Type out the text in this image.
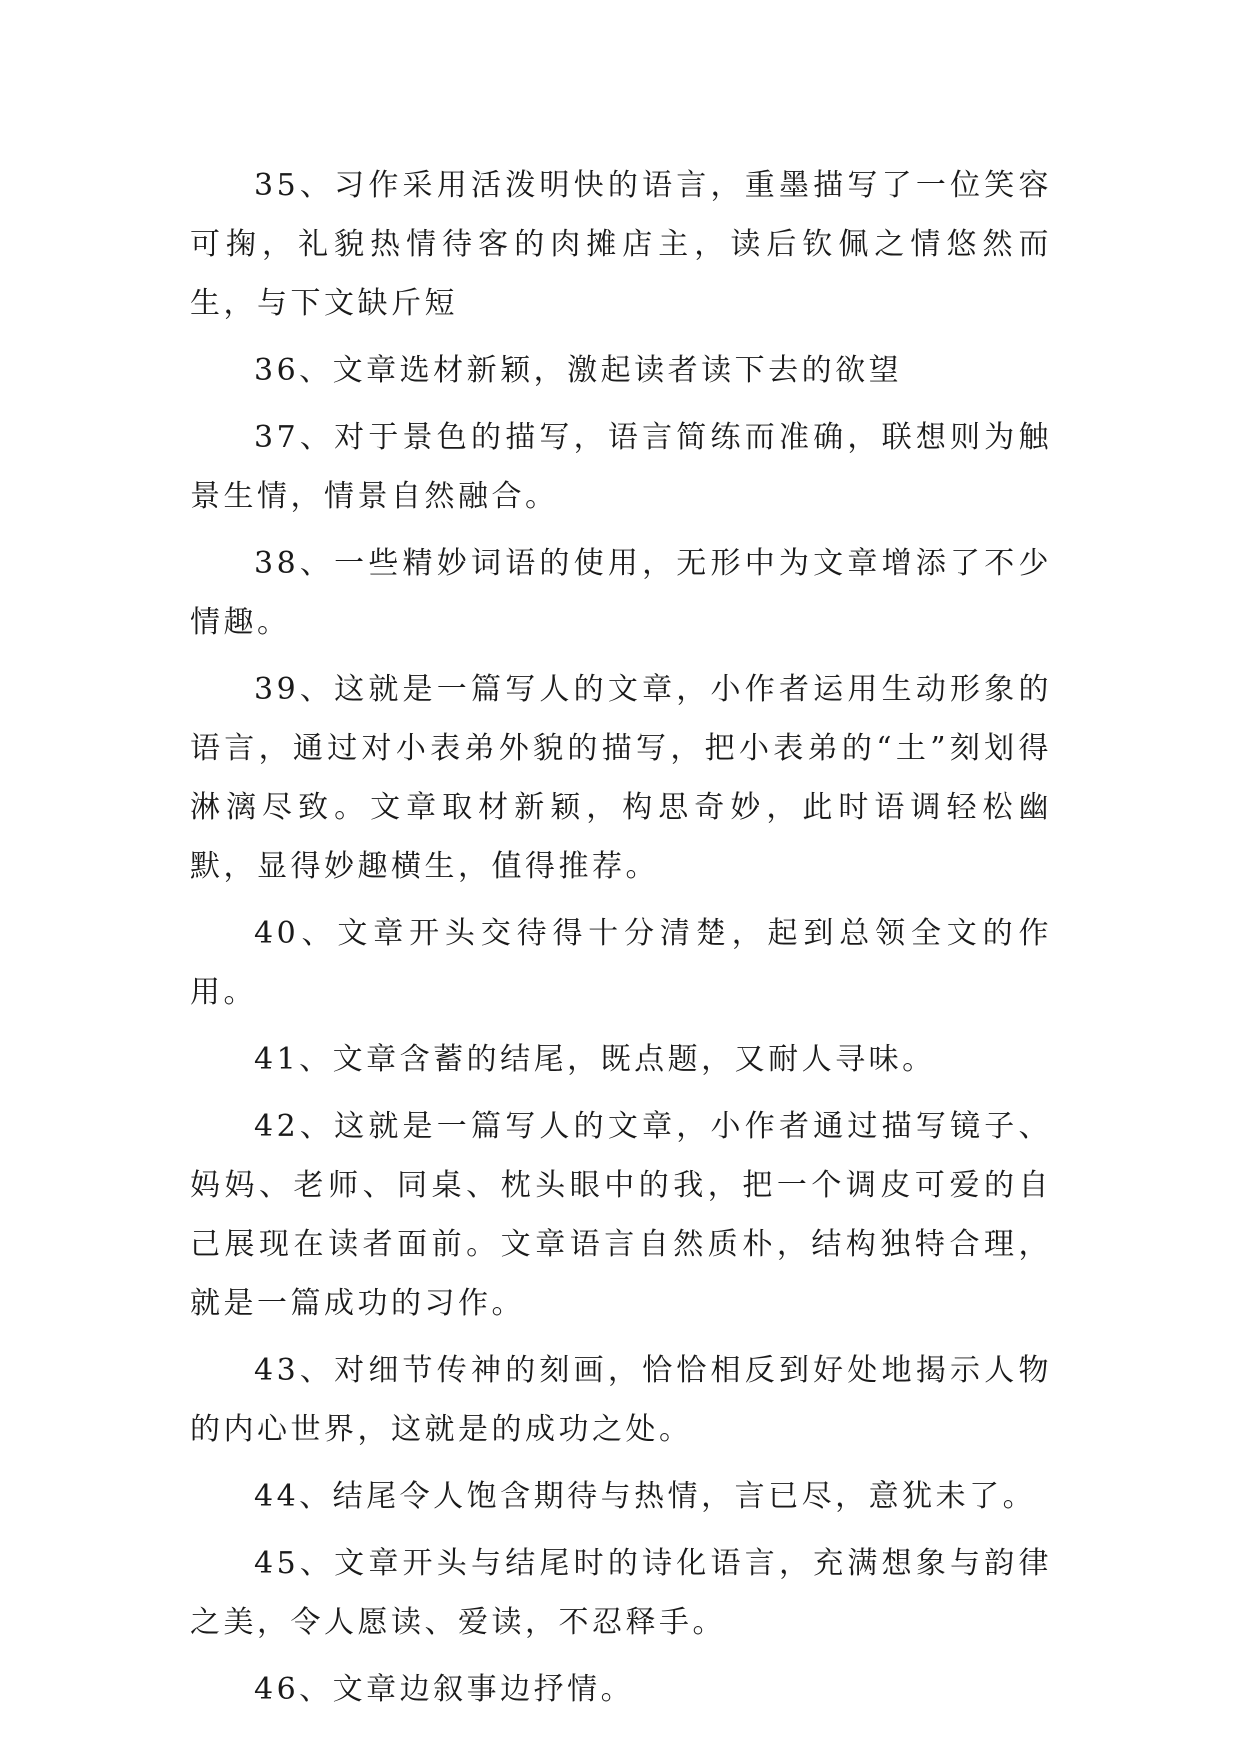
35、习作采用活泼明快的语言，重墨描写了一位笑容可掬，礼貌热情待客的肉摊店主，读后钦佩之情悠然而生，与下文缺斤短

36、文章选材新颖，激起读者读下去的欲望

37、对于景色的描写，语言简练而准确，联想则为触景生情，情景自然融合。

38、一些精妙词语的使用，无形中为文章增添了不少情趣。

39、这就是一篇写人的文章，小作者运用生动形象的语言，通过对小表弟外貌的描写，把小表弟的“土”刻划得淋漓尽致。文章取材新颖，构思奇妙，此时语调轻松幽默，显得妙趣横生，值得推荐。

40、文章开头交待得十分清楚，起到总领全文的作用。

41、文章含蓄的结尾，既点题，又耐人寻味。

42、这就是一篇写人的文章，小作者通过描写镜子、妈妈、老师、同桌、枕头眼中的我，把一个调皮可爱的自己展现在读者面前。文章语言自然质朴，结构独特合理，就是一篇成功的习作。

43、对细节传神的刻画，恰恰相反到好处地揭示人物的内心世界，这就是的成功之处。

44、结尾令人饱含期待与热情，言已尽，意犹未了。

45、文章开头与结尾时的诗化语言，充满想象与韵律之美，令人愿读、爱读，不忍释手。

46、文章边叙事边抒情。
